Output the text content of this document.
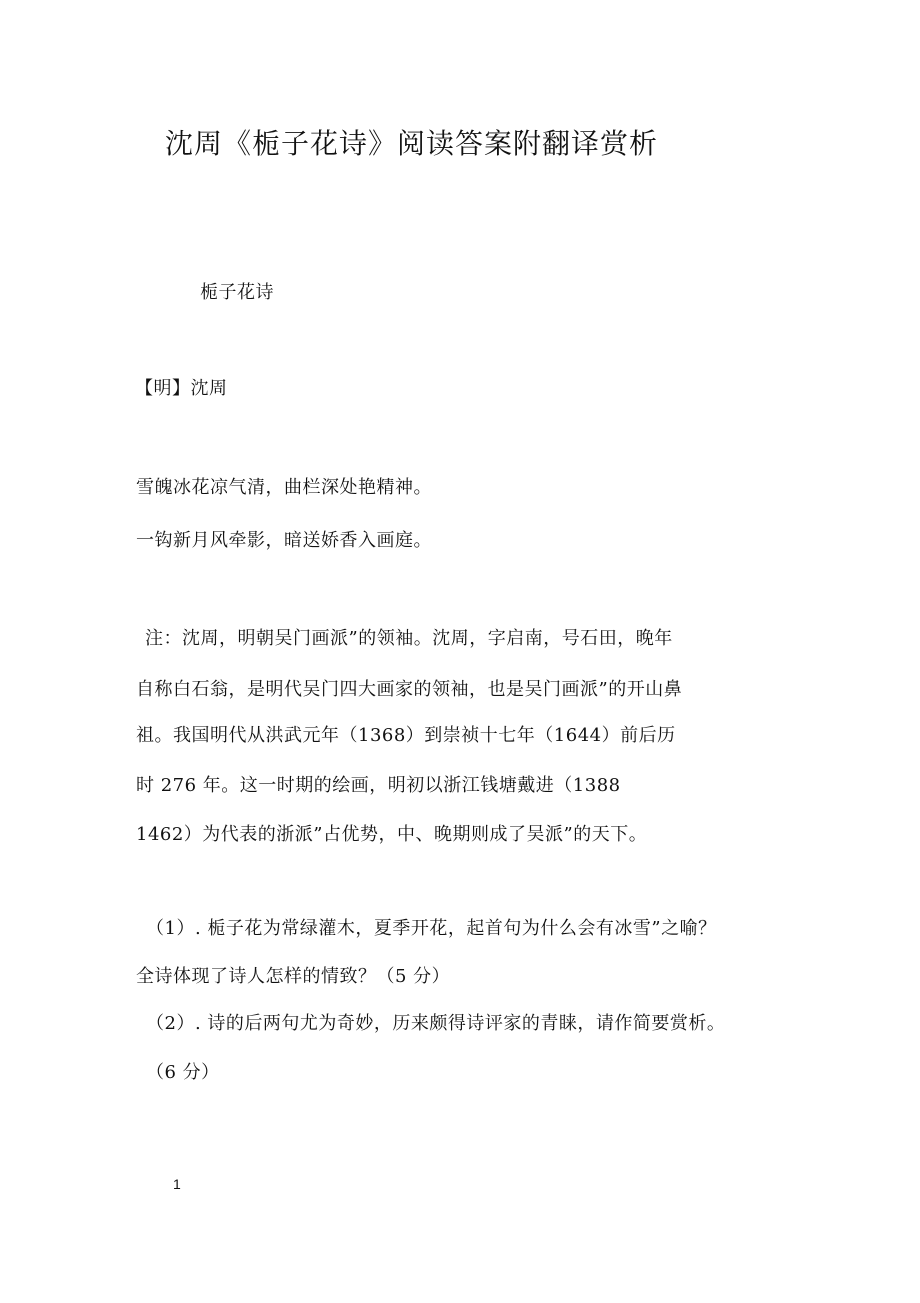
沈周《栀子花诗》阅读答案附翻译赏析
栀子花诗
【明】沈周
雪魄冰花凉气清，曲栏深处艳精神。
一钩新月风牵影，暗送娇香入画庭。
注：沈周，明朝吴门画派”的领袖。沈周，字启南，号石田，晚年
自称白石翁，是明代吴门四大画家的领袖，也是吴门画派”的开山鼻
祖。我国明代从洪武元年（1368）到崇祯十七年（1644）前后历
时 276 年。这一时期的绘画，明初以浙江钱塘戴进（1388
1462）为代表的浙派”占优势，中、晚期则成了吴派”的天下。
（1）. 栀子花为常绿灌木，夏季开花，起首句为什么会有冰雪”之喻？
全诗体现了诗人怎样的情致？（5 分）
（2）. 诗的后两句尤为奇妙，历来颇得诗评家的青睐，请作简要赏析。
（6 分）
1
